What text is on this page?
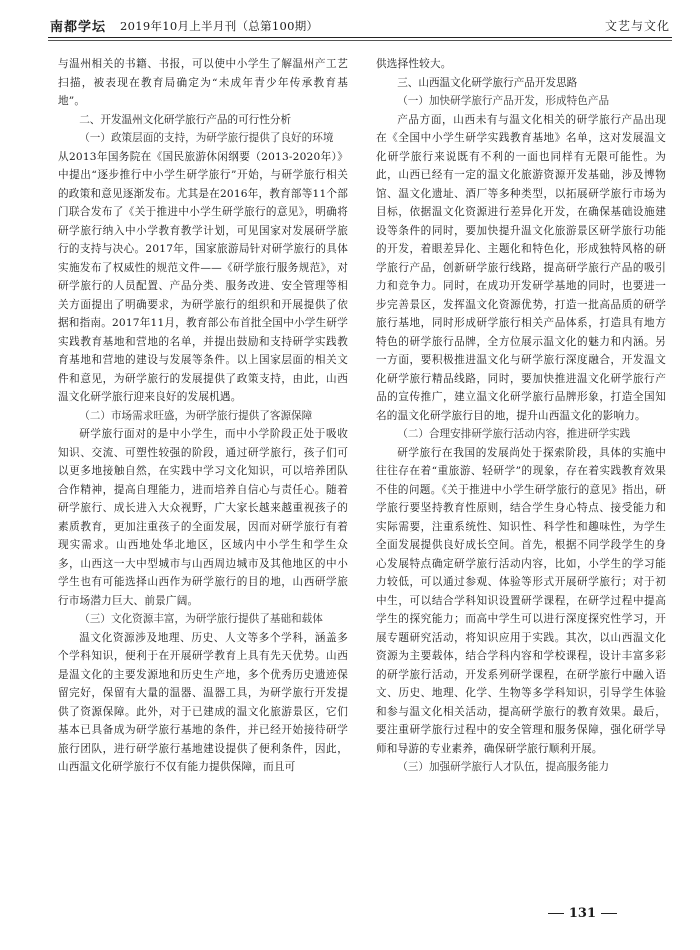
南都学坛 2019年10月上半月刊（总第100期）	文艺与文化

与温州相关的书籍、书报，可以使中小学生了解温州产工艺扫描，被表现在教育局确定为“未成年青少年传承教育基地”。

二、开发温州文化研学旅行产品的可行性分析
（一）政策层面的支持，为研学旅行提供了良好的环境

从2013年国务院在《国民旅游休闲纲要（2013-2020年）》中提出“逐步推行中小学生研学旅行”开始，与研学旅行相关的政策和意见逐渐发布。尤其是在2016年，教育部等11个部门联合发布了《关于推进中小学生研学旅行的意见》，明确将研学旅行纳入中小学教育教学计划，可见国家对发展研学旅行的支持与决心。2017年，国家旅游局针对研学旅行的具体实施发布了权威性的规范文件——《研学旅行服务规范》，对研学旅行的人员配置、产品分类、服务改进、安全管理等相关方面提出了明确要求，为研学旅行的组织和开展提供了依据和指南。2017年11月，教育部公布首批全国中小学生研学实践教育基地和营地的名单，并提出鼓励和支持研学实践教育基地和营地的建设与发展等条件。以上国家层面的相关文件和意见，为研学旅行的发展提供了政策支持，由此，山西温文化研学旅行迎来良好的发展机遇。

（二）市场需求旺盛，为研学旅行提供了客源保障

研学旅行面对的是中小学生，而中小学阶段正处于吸收知识、交流、可塑性较强的阶段，通过研学旅行，孩子们可以更多地接触自然，在实践中学习文化知识，可以培养团队合作精神，提高自理能力，进而培养自信心与责任心。随着研学旅行、成长进入大众视野，广大家长越来越重视孩子的素质教育，更加注重孩子的全面发展，因而对研学旅行有着现实需求。山西地处华北地区，区域内中小学生和学生众多，山西这一大中型城市与山西周边城市及其他地区的中小学生也有可能选择山西作为研学旅行的目的地，山西研学旅行市场潜力巨大、前景广阔。

（三）文化资源丰富，为研学旅行提供了基础和载体

温文化资源涉及地理、历史、人文等多个学科，涵盖多个学科知识，便利于在开展研学教育上具有先天优势。山西是温文化的主要发源地和历史生产地，多个优秀历史遗迹保留完好，保留有大量的温器、温器工具，为研学旅行开发提供了资源保障。此外，对于已建成的温文化旅游景区，它们基本已具备成为研学旅行基地的条件，并已经开始接待研学旅行团队，进行研学旅行基地建设提供了便利条件，因此，山西温文化研学旅行不仅有能力提供保障，而且可

供选择性较大。

三、山西温文化研学旅行产品开发思路
（一）加快研学旅行产品开发，形成特色产品

产品方面，山西未有与温文化相关的研学旅行产品出现在《全国中小学生研学实践教育基地》名单，这对发展温文化研学旅行来说既有不利的一面也同样有无限可能性。为此，山西已经有一定的温文化旅游资源开发基础，涉及博物馆、温文化遗址、酒厂等多种类型，以拓展研学旅行市场为目标，依据温文化资源进行差异化开发，在确保基础设施建设等条件的同时，要加快提升温文化旅游景区研学旅行功能的开发，着眼差异化、主题化和特色化，形成独特风格的研学旅行产品，创新研学旅行线路，提高研学旅行产品的吸引力和竞争力。同时，在成功开发研学基地的同时，也要进一步完善景区，发挥温文化资源优势，打造一批高品质的研学旅行基地，同时形成研学旅行相关产品体系，打造具有地方特色的研学旅行品牌，全方位展示温文化的魅力和内涵。另一方面，要积极推进温文化与研学旅行深度融合，开发温文化研学旅行精品线路，同时，要加快推进温文化研学旅行产品的宣传推广，建立温文化研学旅行品牌形象，打造全国知名的温文化研学旅行目的地，提升山西温文化的影响力。

（二）合理安排研学旅行活动内容，推进研学实践

研学旅行在我国的发展尚处于探索阶段，具体的实施中往往存在着“重旅游、轻研学”的现象，存在着实践教育效果不佳的问题。《关于推进中小学生研学旅行的意见》指出，研学旅行要坚持教育性原则，结合学生身心特点、接受能力和实际需要，注重系统性、知识性、科学性和趣味性，为学生全面发展提供良好成长空间。首先，根据不同学段学生的身心发展特点确定研学旅行活动内容，比如，小学生的学习能力较低，可以通过参观、体验等形式开展研学旅行；对于初中生，可以结合学科知识设置研学课程，在研学过程中提高学生的探究能力；而高中学生可以进行深度探究性学习，开展专题研究活动，将知识应用于实践。其次，以山西温文化资源为主要载体，结合学科内容和学校课程，设计丰富多彩的研学旅行活动，开发系列研学课程，在研学旅行中融入语文、历史、地理、化学、生物等多学科知识，引导学生体验和参与温文化相关活动，提高研学旅行的教育效果。最后，要注重研学旅行过程中的安全管理和服务保障，强化研学导师和导游的专业素养，确保研学旅行顺利开展。

（三）加强研学旅行人才队伍，提高服务能力
131
